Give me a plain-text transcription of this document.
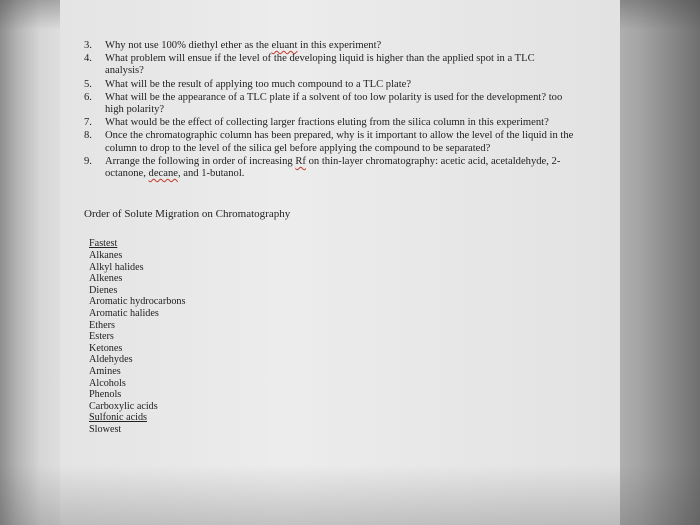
3. Why not use 100% diethyl ether as the eluant in this experiment?
4. What problem will ensue if the level of the developing liquid is higher than the applied spot in a TLC analysis?
5. What will be the result of applying too much compound to a TLC plate?
6. What will be the appearance of a TLC plate if a solvent of too low polarity is used for the development? too high polarity?
7. What would be the effect of collecting larger fractions eluting from the silica column in this experiment?
8. Once the chromatographic column has been prepared, why is it important to allow the level of the liquid in the column to drop to the level of the silica gel before applying the compound to be separated?
9. Arrange the following in order of increasing Rf on thin-layer chromatography: acetic acid, acetaldehyde, 2-octanone, decane, and 1-butanol.
Order of Solute Migration on Chromatography
Fastest
Alkanes
Alkyl halides
Alkenes
Dienes
Aromatic hydrocarbons
Aromatic halides
Ethers
Esters
Ketones
Aldehydes
Amines
Alcohols
Phenols
Carboxylic acids
Sulfonic acids
Slowest
